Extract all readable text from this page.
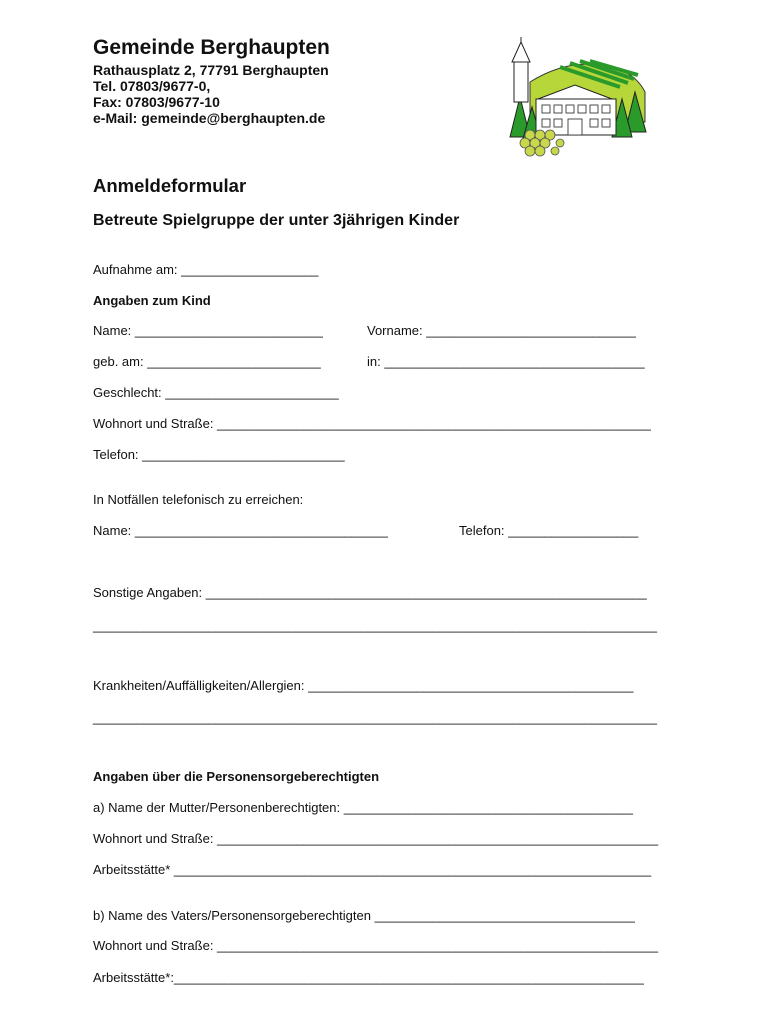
Gemeinde Berghaupten
Rathausplatz 2, 77791 Berghaupten
Tel. 07803/9677-0,
Fax: 07803/9677-10
e-Mail: gemeinde@berghaupten.de
Anmeldeformular
Betreute Spielgruppe der unter 3jährigen Kinder
Aufnahme am: ___________________
Angaben zum Kind
Name: __________________________	Vorname: _____________________________
geb. am: ________________________	in: ____________________________________
Geschlecht: ________________________
Wohnort und Straße: ____________________________________________________________
Telefon: ____________________________
In Notfällen telefonisch zu erreichen:
Name: ___________________________________	Telefon: __________________
Sonstige Angaben: _____________________________________________________________
______________________________________________________________________________
Krankheiten/Auffälligkeiten/Allergien: _____________________________________________
______________________________________________________________________________
Angaben über die Personensorgeberechtigten
a) Name der Mutter/Personenberechtigten: ________________________________________
Wohnort und Straße: _____________________________________________________________
Arbeitsstätte* __________________________________________________________________
b) Name des Vaters/Personensorgeberechtigten ____________________________________
Wohnort und Straße: _____________________________________________________________
Arbeitsstätte*:_________________________________________________________________
